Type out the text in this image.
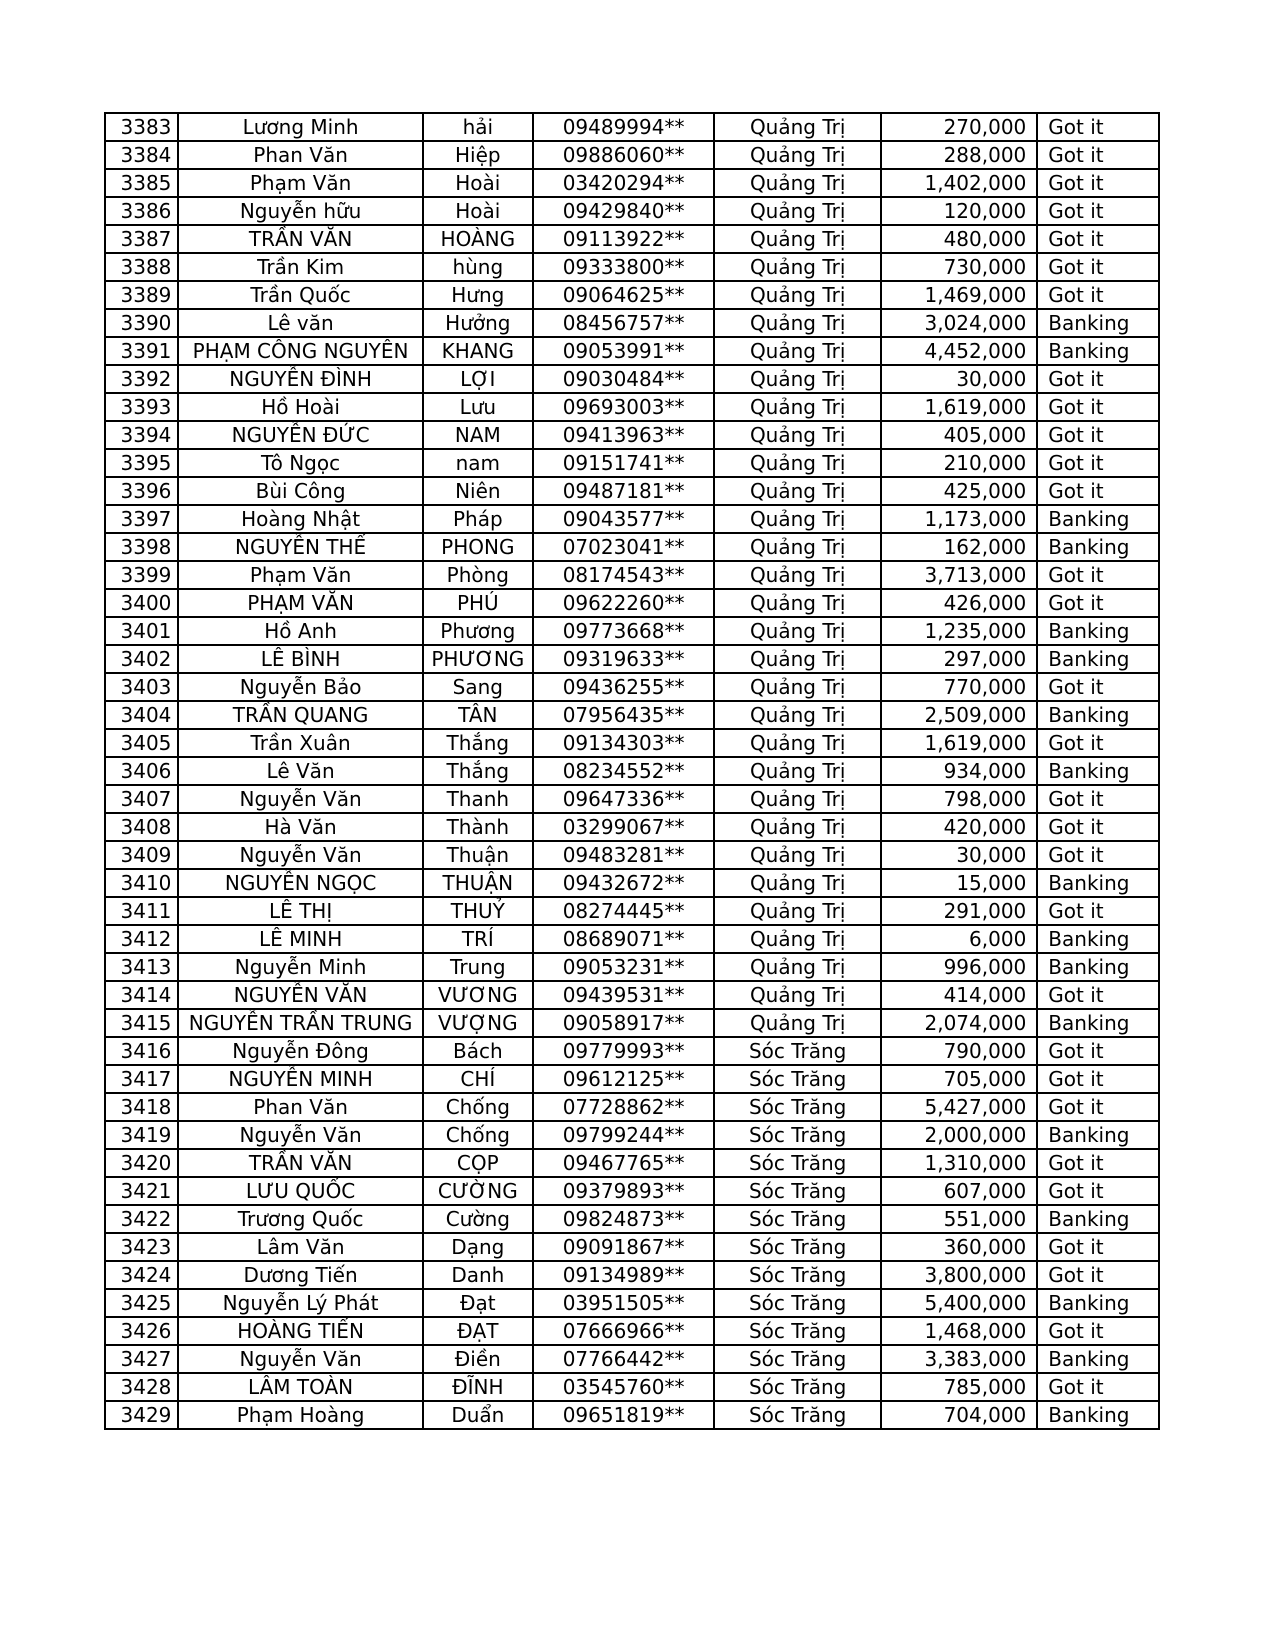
3383	Lương Minh	hải	09489994**	Quảng Trị	270,000	Got it
3384	Phan Văn	Hiệp	09886060**	Quảng Trị	288,000	Got it
3385	Phạm Văn	Hoài	03420294**	Quảng Trị	1,402,000	Got it
3386	Nguyễn hữu	Hoài	09429840**	Quảng Trị	120,000	Got it
3387	TRẦN VĂN	HOÀNG	09113922**	Quảng Trị	480,000	Got it
3388	Trần Kim	hùng	09333800**	Quảng Trị	730,000	Got it
3389	Trần Quốc	Hưng	09064625**	Quảng Trị	1,469,000	Got it
3390	Lê văn	Hưởng	08456757**	Quảng Trị	3,024,000	Banking
3391	PHẠM CÔNG NGUYÊN	KHANG	09053991**	Quảng Trị	4,452,000	Banking
3392	NGUYỄN ĐÌNH	LỢI	09030484**	Quảng Trị	30,000	Got it
3393	Hồ Hoài	Lưu	09693003**	Quảng Trị	1,619,000	Got it
3394	NGUYỄN ĐỨC	NAM	09413963**	Quảng Trị	405,000	Got it
3395	Tô Ngọc	nam	09151741**	Quảng Trị	210,000	Got it
3396	Bùi Công	Niên	09487181**	Quảng Trị	425,000	Got it
3397	Hoàng Nhật	Pháp	09043577**	Quảng Trị	1,173,000	Banking
3398	NGUYỄN THẾ	PHONG	07023041**	Quảng Trị	162,000	Banking
3399	Phạm Văn	Phòng	08174543**	Quảng Trị	3,713,000	Got it
3400	PHẠM VĂN	PHÚ	09622260**	Quảng Trị	426,000	Got it
3401	Hồ Anh	Phương	09773668**	Quảng Trị	1,235,000	Banking
3402	LÊ BÌNH	PHƯƠNG	09319633**	Quảng Trị	297,000	Banking
3403	Nguyễn Bảo	Sang	09436255**	Quảng Trị	770,000	Got it
3404	TRẦN QUANG	TÂN	07956435**	Quảng Trị	2,509,000	Banking
3405	Trần Xuân	Thắng	09134303**	Quảng Trị	1,619,000	Got it
3406	Lê Văn	Thắng	08234552**	Quảng Trị	934,000	Banking
3407	Nguyễn Văn	Thanh	09647336**	Quảng Trị	798,000	Got it
3408	Hà Văn	Thành	03299067**	Quảng Trị	420,000	Got it
3409	Nguyễn Văn	Thuận	09483281**	Quảng Trị	30,000	Got it
3410	NGUYỄN NGỌC	THUẬN	09432672**	Quảng Trị	15,000	Banking
3411	LÊ THỊ	THUỶ	08274445**	Quảng Trị	291,000	Got it
3412	LÊ MINH	TRÍ	08689071**	Quảng Trị	6,000	Banking
3413	Nguyễn Minh	Trung	09053231**	Quảng Trị	996,000	Banking
3414	NGUYỄN VĂN	VƯƠNG	09439531**	Quảng Trị	414,000	Got it
3415	NGUYỄN TRẦN TRUNG	VƯỢNG	09058917**	Quảng Trị	2,074,000	Banking
3416	Nguyễn Đông	Bách	09779993**	Sóc Trăng	790,000	Got it
3417	NGUYỄN MINH	CHÍ	09612125**	Sóc Trăng	705,000	Got it
3418	Phan Văn	Chống	07728862**	Sóc Trăng	5,427,000	Got it
3419	Nguyễn Văn	Chống	09799244**	Sóc Trăng	2,000,000	Banking
3420	TRẦN VĂN	CỌP	09467765**	Sóc Trăng	1,310,000	Got it
3421	LƯU QUỐC	CƯỜNG	09379893**	Sóc Trăng	607,000	Got it
3422	Trương Quốc	Cường	09824873**	Sóc Trăng	551,000	Banking
3423	Lâm Văn	Dạng	09091867**	Sóc Trăng	360,000	Got it
3424	Dương Tiến	Danh	09134989**	Sóc Trăng	3,800,000	Got it
3425	Nguyễn Lý Phát	Đạt	03951505**	Sóc Trăng	5,400,000	Banking
3426	HOÀNG TIẾN	ĐẠT	07666966**	Sóc Trăng	1,468,000	Got it
3427	Nguyễn Văn	Điền	07766442**	Sóc Trăng	3,383,000	Banking
3428	LÂM TOÀN	ĐĨNH	03545760**	Sóc Trăng	785,000	Got it
3429	Phạm Hoàng	Duẩn	09651819**	Sóc Trăng	704,000	Banking
